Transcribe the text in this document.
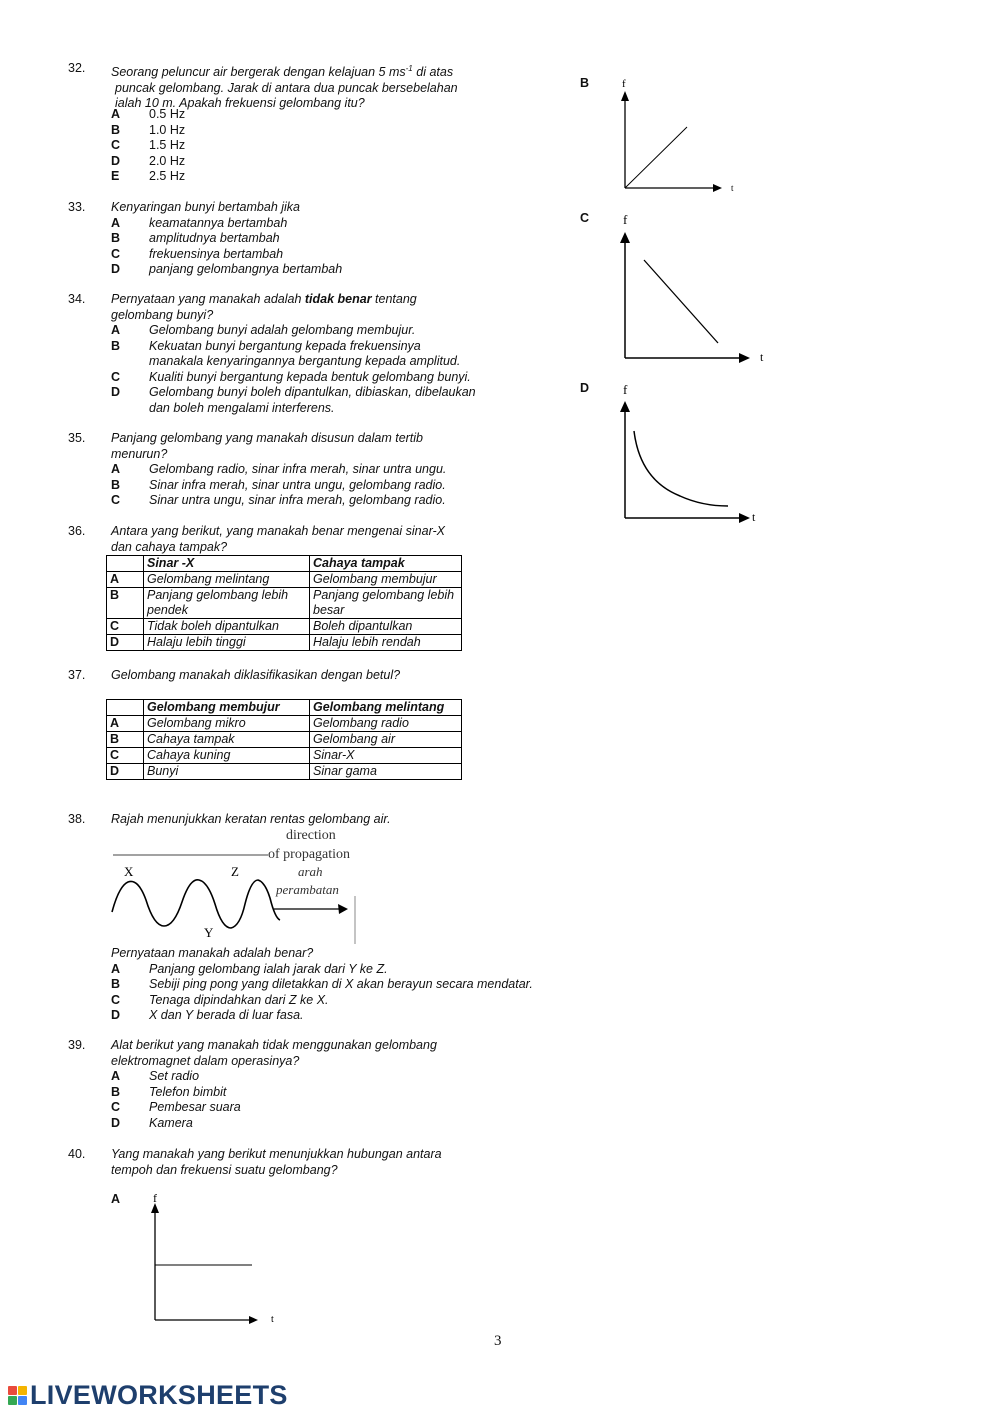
32. Seorang peluncur air bergerak dengan kelajuan 5 $ms^{-1}$ di atas
puncak gelombang. Jarak di antara dua puncak bersebelahan
ialah 10 m. Apakah frekuensi gelombang itu?
A 0.5 Hz
B 1.0 Hz
C 1.5 Hz
D 2.0 Hz
E 2.5 Hz
33. Kenyaringan bunyi bertambah jika
A keamatannya bertambah
B amplitudnya bertambah
C frekuensinya bertambah
D panjang gelombangnya bertambah
34. Pernyataan yang manakah adalah tidak benar tentang
gelombang bunyi?
A Gelombang bunyi adalah gelombang membujur.
B Kekuatan bunyi bergantung kepada frekuensinya
manakala kenyaringannya bergantung kepada amplitud.
C Kualiti bunyi bergantung kepada bentuk gelombang bunyi.
D Gelombang bunyi boleh dipantulkan, dibiaskan, dibelaukan
dan boleh mengalami interferens.
35. Panjang gelombang yang manakah disusun dalam tertib
menurun?
A Gelombang radio, sinar infra merah, sinar untra ungu.
B Sinar infra merah, sinar untra ungu, gelombang radio.
C Sinar untra ungu, sinar infra merah, gelombang radio.
36. Antara yang berikut, yang manakah benar mengenai sinar-X
dan cahaya tampak?
	Sinar -X	Cahaya tampak
A	Gelombang melintang	Gelombang membujur
B	Panjang gelombang lebih pendek	Panjang gelombang lebih besar
C	Tidak boleh dipantulkan	Boleh dipantulkan
D	Halaju lebih tinggi	Halaju lebih rendah
37. Gelombang manakah diklasifikasikan dengan betul?
	Gelombang membujur	Gelombang melintang
A	Gelombang mikro	Gelombang radio
B	Cahaya tampak	Gelombang air
C	Cahaya kuning	Sinar-X
D	Bunyi	Sinar gama
38. Rajah menunjukkan keratan rentas gelombang air.
X
Y
Z
direction
of propagation
arah
perambatan
Pernyataan manakah adalah benar?
A Panjang gelombang ialah jarak dari Y ke Z.
B Sebiji ping pong yang diletakkan di X akan berayun secara mendatar.
C Tenaga dipindahkan dari Z ke X.
D X dan Y berada di luar fasa.
39. Alat berikut yang manakah tidak menggunakan gelombang
elektromagnet dalam operasinya?
A Set radio
B Telefon bimbit
C Pembesar suara
D Kamera
40. Yang manakah yang berikut menunjukkan hubungan antara
tempoh dan frekuensi suatu gelombang?
A	f
t
B	f
t
C	f
t
D	f
t
3
LIVEWORKSHEETS
